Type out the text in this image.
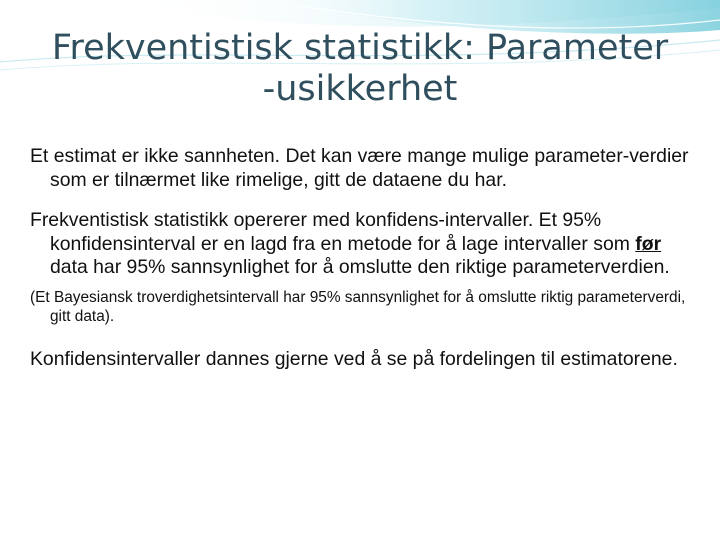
Frekventistisk statistikk: Parameter
-usikkerhet

Et estimat er ikke sannheten. Det kan være mange mulige parameter-verdier som er tilnærmet like rimelige, gitt de dataene du har.

Frekventistisk statistikk opererer med konfidens-intervaller. Et 95% konfidensinterval er en lagd fra en metode for å lage intervaller som før data har 95% sannsynlighet for å omslutte den riktige parameterverdien.

(Et Bayesiansk troverdighetsintervall har 95% sannsynlighet for å omslutte riktig parameterverdi, gitt data).

Konfidensintervaller dannes gjerne ved å se på fordelingen til estimatorene.
